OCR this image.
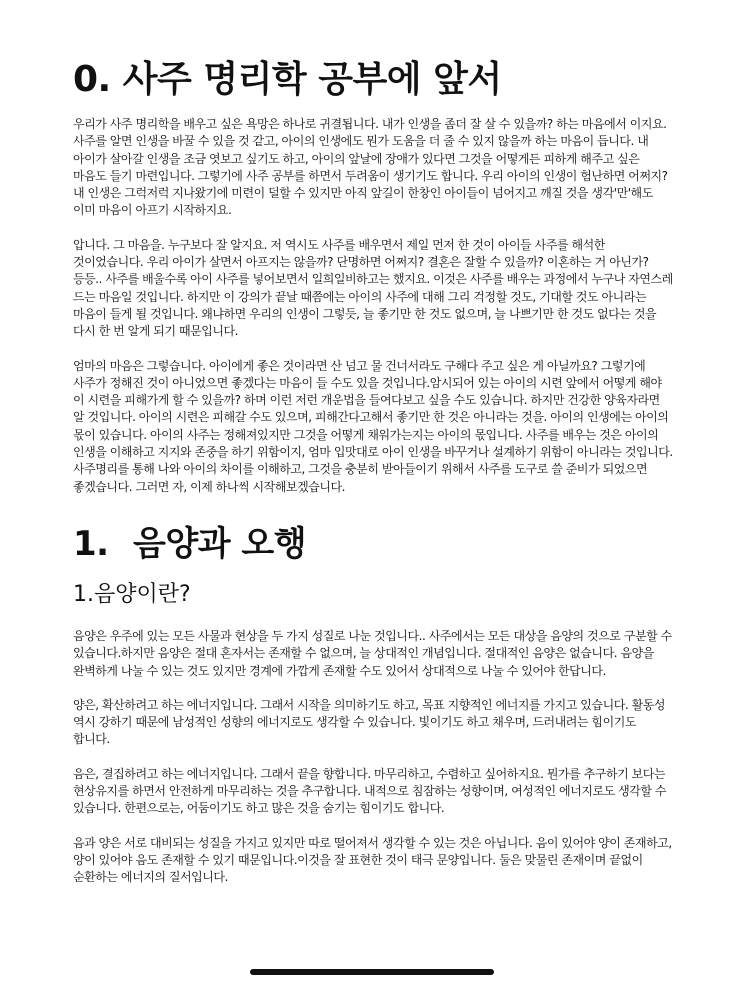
0. 사주 명리학 공부에 앞서

우리가 사주 명리학을 배우고 싶은 욕망은 하나로 귀결됩니다. 내가 인생을 좀더 잘 살 수 있을까? 하는 마음에서 이지요. 사주를 알면 인생을 바꿀 수 있을 것 같고, 아이의 인생에도 뭔가 도움을 더 줄 수 있지 않을까 하는 마음이 듭니다. 내 아이가 살아갈 인생을 조금 엿보고 싶기도 하고, 아이의 앞날에 장애가 있다면 그것을 어떻게든 피하게 해주고 싶은 마음도 들기 마련입니다. 그렇기에 사주 공부를 하면서 두려움이 생기기도 합니다. 우리 아이의 인생이 험난하면 어쩌지? 내 인생은 그럭저럭 지나왔기에 미련이 덜할 수 있지만 아직 앞길이 한창인 아이들이 넘어지고 깨질 것을 생각'만'해도 이미 마음이 아프기 시작하지요.

압니다. 그 마음을. 누구보다 잘 알지요. 저 역시도 사주를 배우면서 제일 먼저 한 것이 아이들 사주를 해석한 것이었습니다. 우리 아이가 살면서 아프지는 않을까? 단명하면 어쩌지? 결혼은 잘할 수 있을까? 이혼하는 거 아닌가? 등등.. 사주를 배울수록 아이 사주를 넣어보면서 일희일비하고는 했지요. 이것은 사주를 배우는 과정에서 누구나 자연스레 드는 마음일 것입니다. 하지만 이 강의가 끝날 때쯤에는 아이의 사주에 대해 그리 걱정할 것도, 기대할 것도 아니라는 마음이 들게 될 것입니다. 왜냐하면 우리의 인생이 그렇듯, 늘 좋기만 한 것도 없으며, 늘 나쁘기만 한 것도 없다는 것을 다시 한 번 알게 되기 때문입니다.

엄마의 마음은 그렇습니다. 아이에게 좋은 것이라면 산 넘고 물 건너서라도 구해다 주고 싶은 게 아닐까요? 그렇기에 사주가 정해진 것이 아니었으면 좋겠다는 마음이 들 수도 있을 것입니다.암시되어 있는 아이의 시련 앞에서 어떻게 해야 이 시련을 피해가게 할 수 있을까? 하며 이런 저런 개운법을 들여다보고 싶을 수도 있습니다. 하지만 건강한 양육자라면 알 것입니다. 아이의 시련은 피해갈 수도 있으며, 피해간다고해서 좋기만 한 것은 아니라는 것을. 아이의 인생에는 아이의 몫이 있습니다. 아이의 사주는 정해져있지만 그것을 어떻게 채워가는지는 아이의 몫입니다. 사주를 배우는 것은 아이의 인생을 이해하고 지지와 존중을 하기 위함이지, 엄마 입맛대로 아이 인생을 바꾸거나 설계하기 위함이 아니라는 것입니다. 사주명리를 통해 나와 아이의 차이를 이해하고, 그것을 충분히 받아들이기 위해서 사주를 도구로 쓸 준비가 되었으면 좋겠습니다. 그러면 자, 이제 하나씩 시작해보겠습니다.

1. 음양과 오행
1.음양이란?

음양은 우주에 있는 모든 사물과 현상을 두 가지 성질로 나눈 것입니다.. 사주에서는 모든 대상을 음양의 것으로 구분할 수 있습니다.하지만 음양은 절대 혼자서는 존재할 수 없으며, 늘 상대적인 개념입니다. 절대적인 음양은 없습니다. 음양을 완벽하게 나눌 수 있는 것도 있지만 경계에 가깝게 존재할 수도 있어서 상대적으로 나눌 수 있어야 한답니다.

양은, 확산하려고 하는 에너지입니다. 그래서 시작을 의미하기도 하고, 목표 지향적인 에너지를 가지고 있습니다. 활동성 역시 강하기 때문에 남성적인 성향의 에너지로도 생각할 수 있습니다. 빛이기도 하고 채우며, 드러내려는 힘이기도 합니다.

음은, 결집하려고 하는 에너지입니다. 그래서 끝을 향합니다. 마무리하고, 수렴하고 싶어하지요. 뭔가를 추구하기 보다는 현상유지를 하면서 안전하게 마무리하는 것을 추구합니다. 내적으로 침잠하는 성향이며, 여성적인 에너지로도 생각할 수 있습니다. 한편으로는, 어둠이기도 하고 많은 것을 숨기는 힘이기도 합니다.

음과 양은 서로 대비되는 성질을 가지고 있지만 따로 떨어져서 생각할 수 있는 것은 아닙니다. 음이 있어야 양이 존재하고, 양이 있어야 음도 존재할 수 있기 때문입니다.이것을 잘 표현한 것이 태극 문양입니다. 둘은 맞물린 존재이며 끝없이 순환하는 에너지의 질서입니다.
